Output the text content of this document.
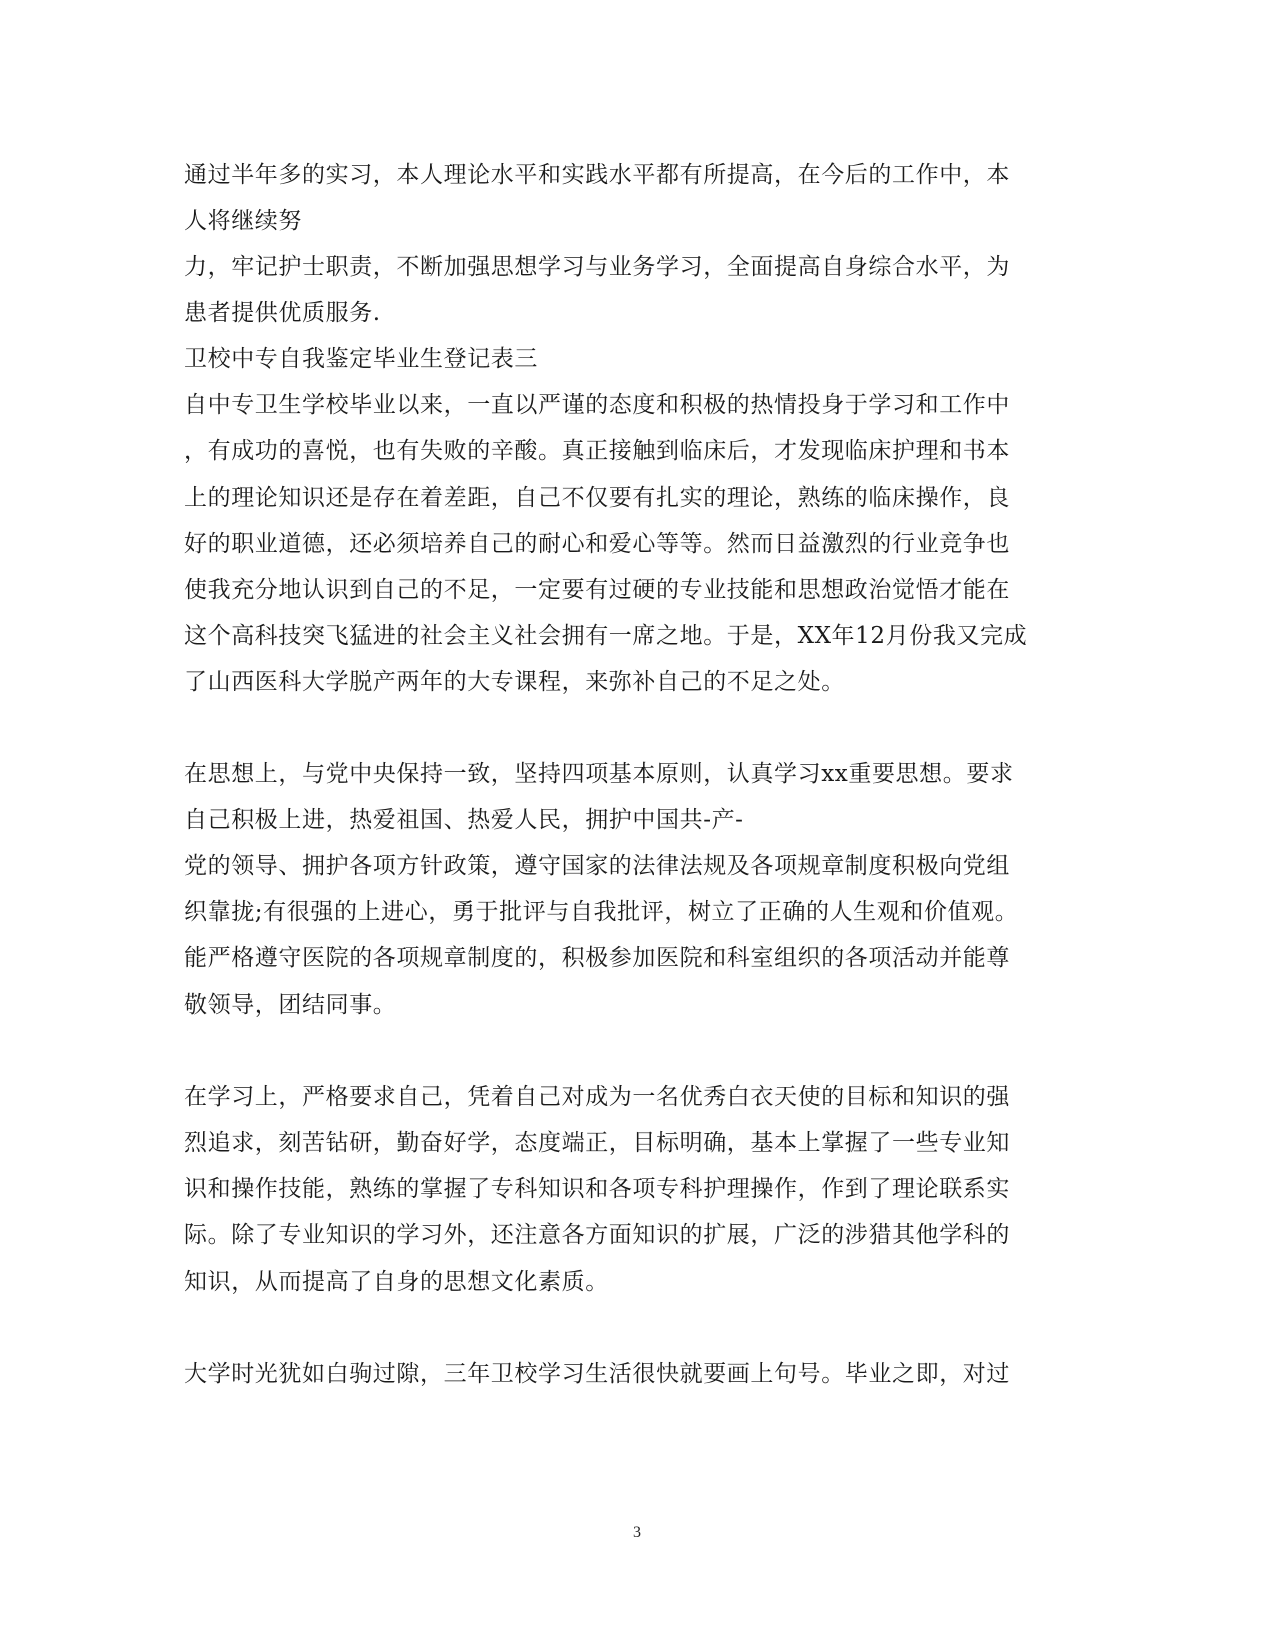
通过半年多的实习，本人理论水平和实践水平都有所提高，在今后的工作中，本
人将继续努
力，牢记护士职责，不断加强思想学习与业务学习，全面提高自身综合水平，为
患者提供优质服务.
卫校中专自我鉴定毕业生登记表三
自中专卫生学校毕业以来，一直以严谨的态度和积极的热情投身于学习和工作中
，有成功的喜悦，也有失败的辛酸。真正接触到临床后，才发现临床护理和书本
上的理论知识还是存在着差距，自己不仅要有扎实的理论，熟练的临床操作，良
好的职业道德，还必须培养自己的耐心和爱心等等。然而日益激烈的行业竞争也
使我充分地认识到自己的不足，一定要有过硬的专业技能和思想政治觉悟才能在
这个高科技突飞猛进的社会主义社会拥有一席之地。于是，XX年12月份我又完成
了山西医科大学脱产两年的大专课程，来弥补自己的不足之处。
在思想上，与党中央保持一致，坚持四项基本原则，认真学习xx重要思想。要求
自己积极上进，热爱祖国、热爱人民，拥护中国共-产-
党的领导、拥护各项方针政策，遵守国家的法律法规及各项规章制度积极向党组
织靠拢;有很强的上进心，勇于批评与自我批评，树立了正确的人生观和价值观。
能严格遵守医院的各项规章制度的，积极参加医院和科室组织的各项活动并能尊
敬领导，团结同事。
在学习上，严格要求自己，凭着自己对成为一名优秀白衣天使的目标和知识的强
烈追求，刻苦钻研，勤奋好学，态度端正，目标明确，基本上掌握了一些专业知
识和操作技能，熟练的掌握了专科知识和各项专科护理操作，作到了理论联系实
际。除了专业知识的学习外，还注意各方面知识的扩展，广泛的涉猎其他学科的
知识，从而提高了自身的思想文化素质。
大学时光犹如白驹过隙，三年卫校学习生活很快就要画上句号。毕业之即，对过
3
